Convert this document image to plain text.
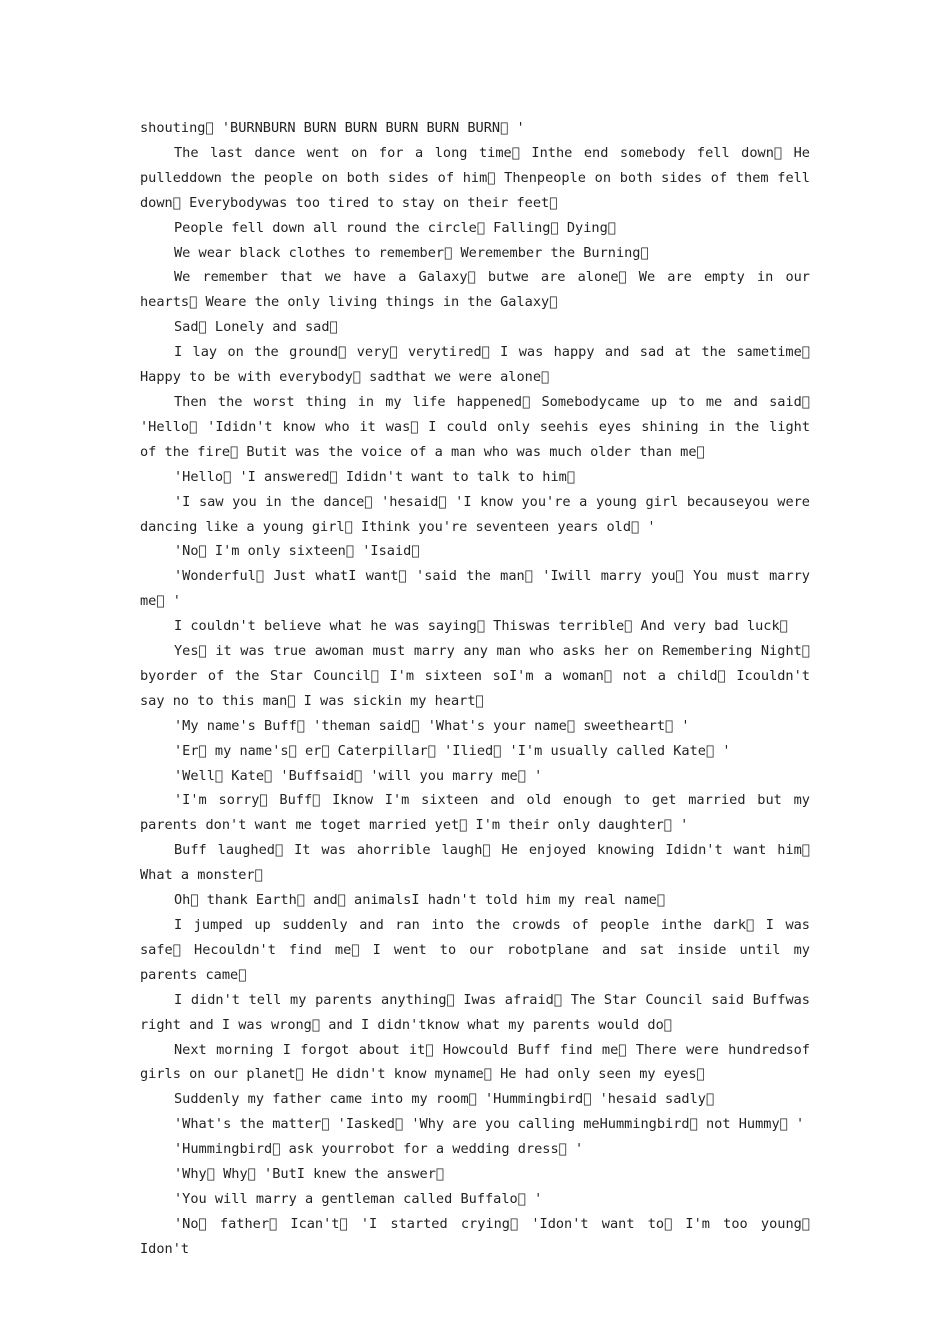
shouting  'BURNBURN BURN BURN BURN BURN BURN  '

The last dance went on for a long time  Inthe end somebody fell down  He pulleddown the people on both sides of him  Thenpeople on both sides of them fell down  Everybodywas too tired to stay on their feet 

People fell down all round the circle  Falling  Dying 

We wear black clothes to remember  Weremember the Burning 

We remember that we have a Galaxy  butwe are alone  We are empty in our hearts  Weare the only living things in the Galaxy 

Sad  Lonely and sad 

I lay on the ground  very  verytired  I was happy and sad at the sametime  Happy to be with everybody  sadthat we were alone 

Then the worst thing in my life happened  Somebodycame up to me and said  'Hello  'Ididn't know who it was  I could only seehis eyes shining in the light of the fire  Butit was the voice of a man who was much older than me 

'Hello  'I answered  Ididn't want to talk to him 

'I saw you in the dance  'hesaid  'I know you're a young girl becauseyou were dancing like a young girl  Ithink you're seventeen years old  '

'No  I'm only sixteen  'Isaid 

'Wonderful  Just whatI want  'said the man  'Iwill marry you  You must marry me  '

I couldn't believe what he was saying  Thiswas terrible  And very bad luck 

Yes  it was true awoman must marry any man who asks her on Remembering Night  byorder of the Star Council  I'm sixteen soI'm a woman  not a child  Icouldn't say no to this man  I was sickin my heart 

'My name's Buff  'theman said  'What's your name  sweetheart  '

'Er  my name's  er  Caterpillar  'Ilied  'I'm usually called Kate  '

'Well  Kate  'Buffsaid  'will you marry me  '

'I'm sorry  Buff  Iknow I'm sixteen and old enough to get married but my parents don't want me toget married yet  I'm their only daughter  '

Buff laughed  It was ahorrible laugh  He enjoyed knowing Ididn't want him  What a monster 

Oh  thank Earth  and  animalsI hadn't told him my real name 

I jumped up suddenly and ran into the crowds of people inthe dark  I was safe  Hecouldn't find me  I went to our robotplane and sat inside until my parents came 

I didn't tell my parents anything  Iwas afraid  The Star Council said Buffwas right and I was wrong  and I didn'tknow what my parents would do 

Next morning I forgot about it  Howcould Buff find me  There were hundredsof girls on our planet  He didn't know myname  He had only seen my eyes 

Suddenly my father came into my room  'Hummingbird  'hesaid sadly 

'What's the matter  'Iasked  'Why are you calling meHummingbird  not Hummy  '

'Hummingbird  ask yourrobot for a wedding dress  '

'Why  Why  'ButI knew the answer 

'You will marry a gentleman called Buffalo  '

'No  father  Ican't  'I started crying  'Idon't want to  I'm too young  Idon't
